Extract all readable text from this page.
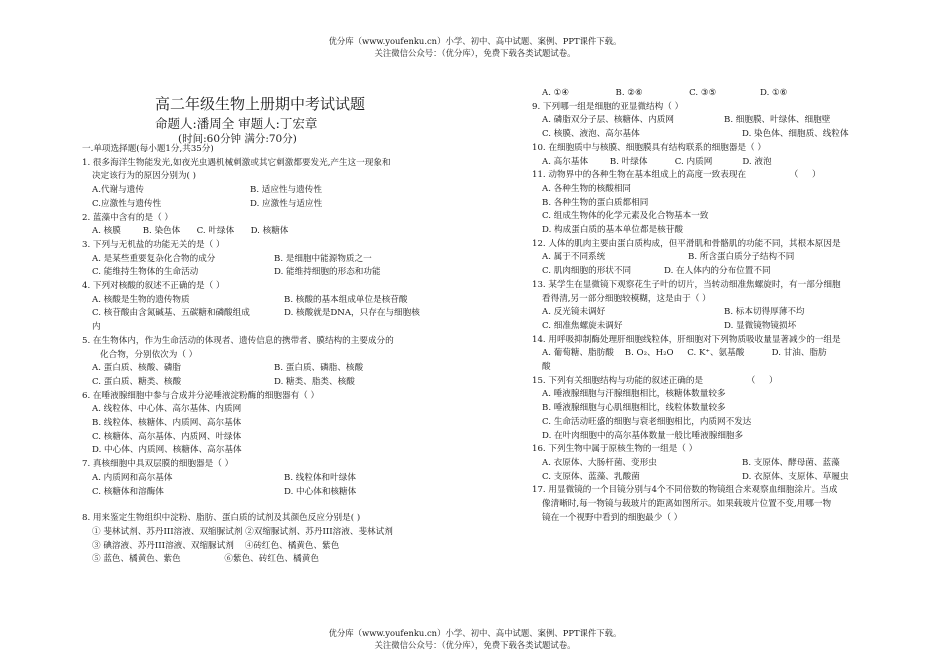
优分库（www.youfenku.cn）小学、初中、高中试题、案例、PPT课件下载。
关注微信公众号：（优分库），免费下载各类试题试卷。
高二年级生物上册期中考试试题
命题人:潘周全 审题人:丁宏章
(时间:60分钟 满分:70分)
一.单项选择题(每小题1分,共35分)
1. 很多海洋生物能发光,如夜光虫遇机械刺激或其它刺激都要发光,产生这一现象和
决定该行为的原因分别为( )
A.代谢与遗传	B. 适应性与遗传性
C.应激性与遗传性	D. 应激性与适应性
2. 蓝藻中含有的是（ ）
A. 核膜        B. 染色体      C. 叶绿体      D. 核糖体
3. 下列与无机盐的功能无关的是（ ）
A. 是某些重要复杂化合物的成分	B. 是细胞中能源物质之一
C. 能维持生物体的生命活动	D. 能维持细胞的形态和功能
4. 下列对核酸的叙述不正确的是（ ）
A. 核酸是生物的遗传物质	B. 核酸的基本组成单位是核苷酸
C. 核苷酸由含氮碱基、五碳糖和磷酸组成	D. 核酸就是DNA，只存在与细胞核
内
5. 在生物体内，作为生命活动的体现者、遗传信息的携带者、膜结构的主要成分的
化合物，分别依次为（ ）
A. 蛋白质、核酸、磷脂	B. 蛋白质、磷脂、核酸
C. 蛋白质、糖类、核酸	D. 糖类、脂类、核酸
6. 在唾液腺细胞中参与合成并分泌唾液淀粉酶的细胞器有（ ）
A. 线粒体、中心体、高尔基体、内质网
B. 线粒体、核糖体、内质网、高尔基体
C. 核糖体、高尔基体、内质网、叶绿体
D. 中心体、内质网、核糖体、高尔基体
7. 真核细胞中具双层膜的细胞器是（ ）
A. 内质网和高尔基体	B. 线粒体和叶绿体
C. 核糖体和溶酶体	D. 中心体和核糖体
8. 用来鉴定生物组织中淀粉、脂肪、蛋白质的试剂及其颜色反应分别是( )
① 斐林试剂、苏丹III溶液、双缩脲试剂 ②双缩脲试剂、苏丹III溶液、斐林试剂
③ 碘溶液、苏丹III溶液、双缩脲试剂    ④砖红色、橘黄色、紫色
⑤ 蓝色、橘黄色、紫色                ⑥紫色、砖红色、橘黄色
A. ①④                 B. ②⑥                 C. ③⑤                D. ①⑥
9. 下列哪一组是细胞的亚显微结构（ ）
A. 磷脂双分子层、核糖体、内质网	B. 细胞膜、叶绿体、细胞壁
C. 核膜、液泡、高尔基体	D. 染色体、细胞质、线粒体
10. 在细胞质中与核膜、细胞膜具有结构联系的细胞器是（ ）
A. 高尔基体        B. 叶绿体          C. 内质网           D. 液泡
11. 动物界中的各种生物在基本组成上的高度一致表现在                （     ）
A. 各种生物的核酸相同
B. 各种生物的蛋白质都相同
C. 组成生物体的化学元素及化合物基本一致
D. 构成蛋白质的基本单位都是核苷酸
12. 人体的肌肉主要由蛋白质构成，但平滑肌和骨骼肌的功能不同，其根本原因是
A. 属于不同系统	B. 所含蛋白质分子结构不同
C. 肌肉细胞的形状不同	D. 在人体内的分布位置不同
13. 某学生在显微镜下观察花生子叶的切片，当转动细准焦螺旋时，有一部分细胞
看得清,另一部分细胞较模糊，这是由于（ ）
A. 反光镜未调好	B. 标本切得厚薄不均
C. 细准焦螺旋未调好	D. 显微镜物镜损坏
14. 用呼吸抑制酶处理肝细胞线粒体，肝细胞对下列物质吸收量显著减少的一组是
A. 葡萄糖、脂肪酸    B. O₂、H₂O     C. K⁺、氨基酸          D. 甘油、脂肪
酸
15. 下列有关细胞结构与功能的叙述正确的是                （     ）
A. 唾液腺细胞与汗腺细胞相比，核糖体数量较多
B. 唾液腺细胞与心肌细胞相比，线粒体数量较多
C. 生命活动旺盛的细胞与衰老细胞相比，内质网不发达
D. 在叶肉细胞中的高尔基体数量一般比唾液腺细胞多
16. 下列生物中属于原核生物的一组是（ ）
A. 衣原体、大肠杆菌、变形虫	B. 支原体、酵母菌、蓝藻
C. 支原体、蓝藻、乳酸菌	D. 衣原体、支原体、草履虫
17. 用显微镜的一个目镜分别与4个不同倍数的物镜组合来观察血细胞涂片。当成
像清晰时,每一物镜与载玻片的距离如图所示。如果载玻片位置不变,用哪一物
镜在一个视野中看到的细胞最少（ ）
优分库（www.youfenku.cn）小学、初中、高中试题、案例、PPT课件下载。
关注微信公众号：（优分库），免费下载各类试题试卷。
